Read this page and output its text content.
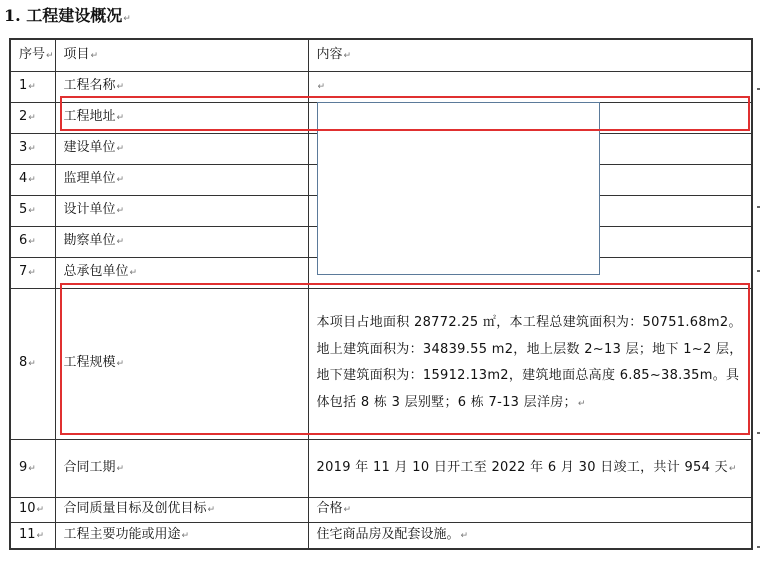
1. 工程建设概况↵
序号↵	项目↵	内容↵
1↵	工程名称↵	↵
2↵	工程地址↵	
3↵	建设单位↵	
4↵	监理单位↵	
5↵	设计单位↵	
6↵	勘察单位↵	
7↵	总承包单位↵	
8↵	工程规模↵	本项目占地面积 28772.25 ㎡，本工程总建筑面积为：50751.68m2。地上建筑面积为：34839.55 m2，地上层数 2~13 层；地下 1~2 层，地下建筑面积为：15912.13m2，建筑地面总高度 6.85~38.35m。具体包括 8 栋 3 层别墅；6 栋 7-13 层洋房；↵
9↵	合同工期↵	2019 年 11 月 10 日开工至 2022 年 6 月 30 日竣工，共计 954 天↵
10↵	合同质量目标及创优目标↵	合格↵
11↵	工程主要功能或用途↵	住宅商品房及配套设施。↵
